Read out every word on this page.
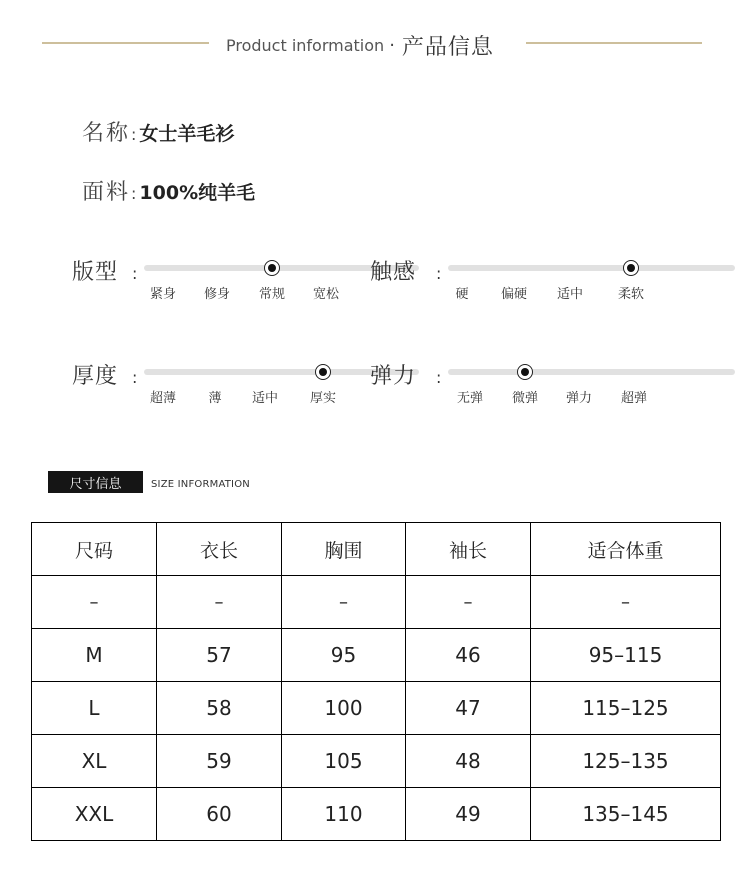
Product information · 产品信息
名称: 女士羊毛衫
面料: 100%纯羊毛
版型 :
紧身 修身 常规 宽松
触感 :
硬 偏硬 适中	柔软
厚度 :
超薄 薄 适中 厚实
弹力 :
无弹 微弹 弹力 超弹
尺寸信息	SIZE INFORMATION
尺码	衣长	胸围	袖长	适合体重
–	–	–	–	–
M	57	95	46	95–115
L	58	100	47	115–125
XL	59	105	48	125–135
XXL	60	110	49	135–145
